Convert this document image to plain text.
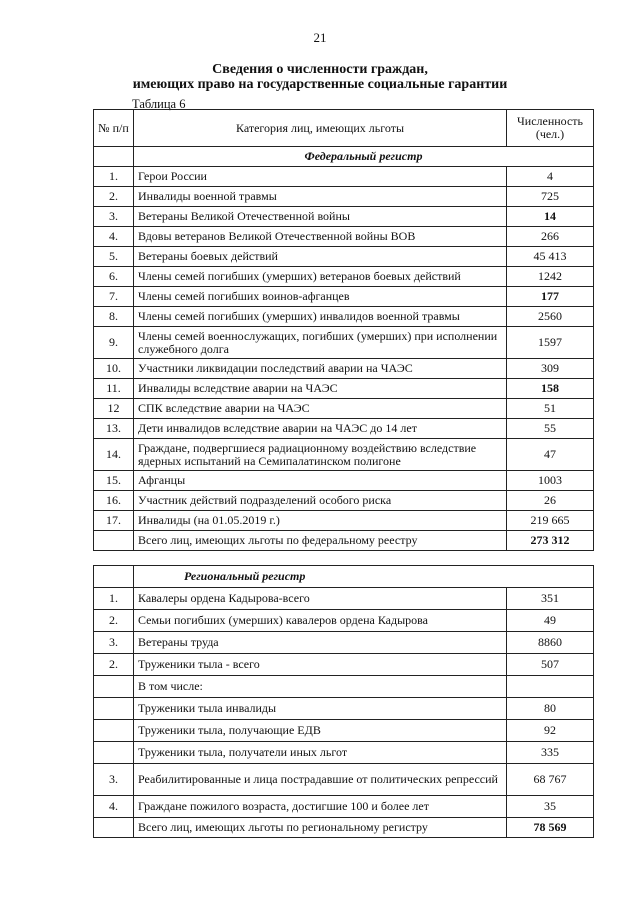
21
Сведения о численности граждан,
имеющих право на государственные социальные гарантии
Таблица 6
№ п/п	Категория лиц, имеющих льготы	Численность (чел.)
	Федеральный регистр	
1.	Герои России	4
2.	Инвалиды военной травмы	725
3.	Ветераны Великой Отечественной войны	14
4.	Вдовы ветеранов Великой Отечественной войны ВОВ	266
5.	Ветераны боевых действий	45 413
6.	Члены семей погибших (умерших) ветеранов боевых действий	1242
7.	Члены семей погибших воинов-афганцев	177
8.	Члены семей погибших (умерших) инвалидов военной травмы	2560
9.	Члены семей военнослужащих, погибших (умерших) при исполнении служебного долга	1597
10.	Участники ликвидации последствий аварии на ЧАЭС	309
11.	Инвалиды вследствие аварии на ЧАЭС	158
12	СПК вследствие аварии на ЧАЭС	51
13.	Дети инвалидов вследствие аварии на ЧАЭС до 14 лет	55
14.	Граждане, подвергшиеся радиационному воздействию вследствие ядерных испытаний на Семипалатинском полигоне	47
15.	Афганцы	1003
16.	Участник действий подразделений особого риска	26
17.	Инвалиды (на 01.05.2019 г.)	219 665
	Всего лиц, имеющих льготы по федеральному реестру	273 312
	Региональный регистр	
1.	Кавалеры ордена Кадырова-всего	351
2.	Семьи погибших (умерших) кавалеров ордена Кадырова	49
3.	Ветераны труда	8860
2.	Труженики тыла - всего	507
	В том числе:	
	Труженики тыла инвалиды	80
	Труженики тыла, получающие ЕДВ	92
	Труженики тыла, получатели иных льгот	335
3.	Реабилитированные и лица пострадавшие от политических репрессий	68 767
4.	Граждане пожилого возраста, достигшие 100 и более лет	35
	Всего лиц, имеющих льготы по региональному регистру	78 569
